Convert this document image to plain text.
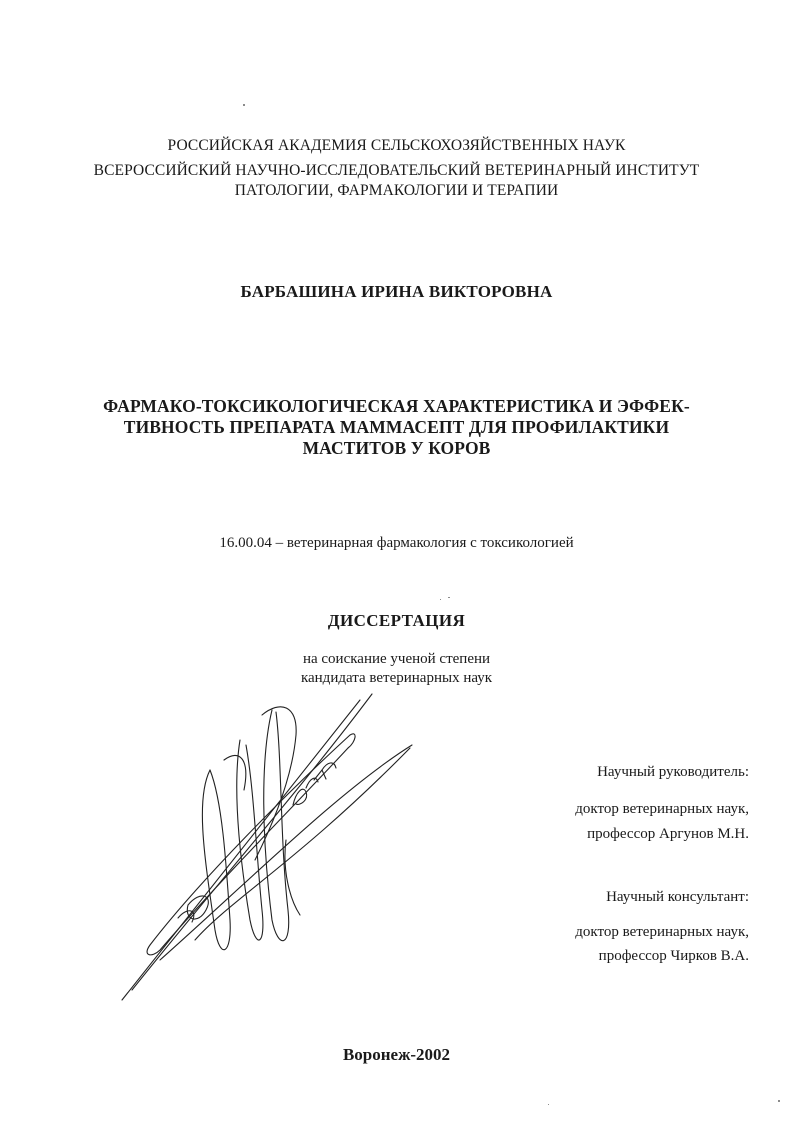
РОССИЙСКАЯ АКАДЕМИЯ СЕЛЬСКОХОЗЯЙСТВЕННЫХ НАУК
ВСЕРОССИЙСКИЙ НАУЧНО-ИССЛЕДОВАТЕЛЬСКИЙ ВЕТЕРИНАРНЫЙ ИНСТИТУТ
ПАТОЛОГИИ, ФАРМАКОЛОГИИ И ТЕРАПИИ
БАРБАШИНА ИРИНА ВИКТОРОВНА
ФАРМАКО-ТОКСИКОЛОГИЧЕСКАЯ ХАРАКТЕРИСТИКА И ЭФФЕК-
ТИВНОСТЬ ПРЕПАРАТА МАММАСЕПТ ДЛЯ ПРОФИЛАКТИКИ
МАСТИТОВ У КОРОВ
16.00.04 – ветеринарная фармакология с токсикологией
ДИССЕРТАЦИЯ
на соискание ученой степени
кандидата ветеринарных наук
Научный руководитель:
доктор ветеринарных наук,
профессор Аргунов М.Н.
Научный консультант:
доктор ветеринарных наук,
профессор Чирков В.А.
Воронеж-2002
